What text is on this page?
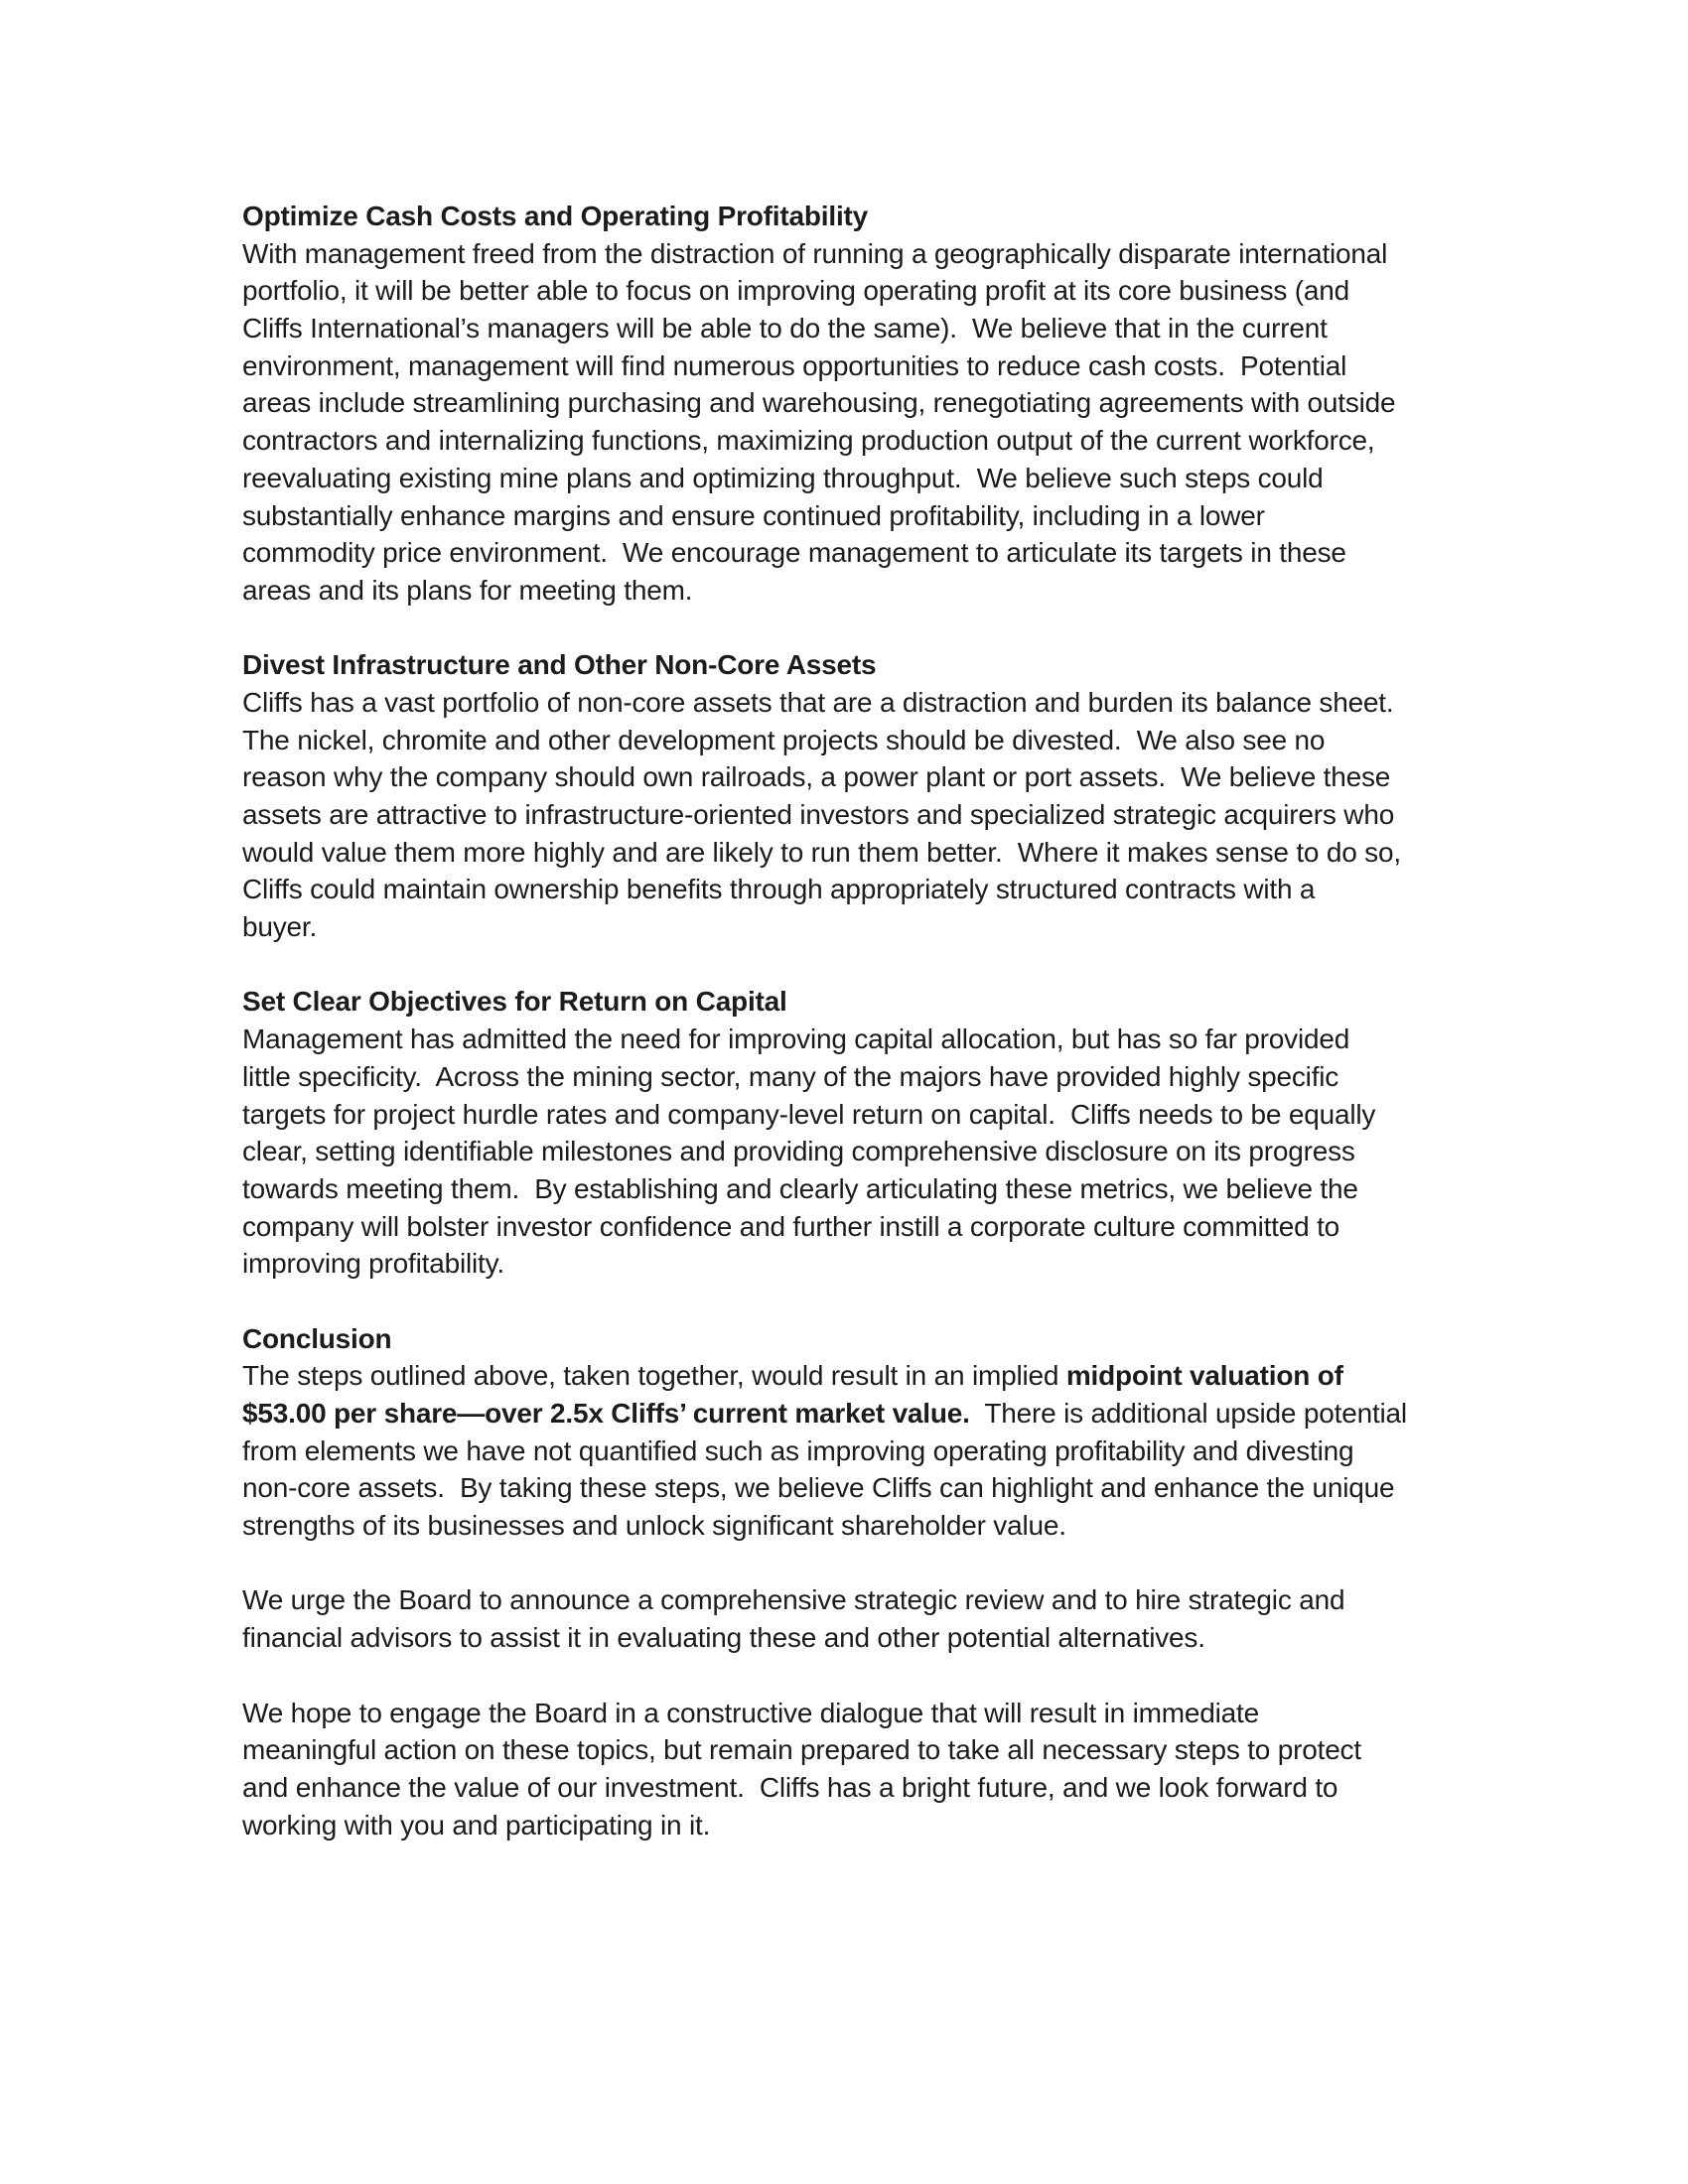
Optimize Cash Costs and Operating Profitability
With management freed from the distraction of running a geographically disparate international
portfolio, it will be better able to focus on improving operating profit at its core business (and
Cliffs International’s managers will be able to do the same).  We believe that in the current
environment, management will find numerous opportunities to reduce cash costs.  Potential
areas include streamlining purchasing and warehousing, renegotiating agreements with outside
contractors and internalizing functions, maximizing production output of the current workforce,
reevaluating existing mine plans and optimizing throughput.  We believe such steps could
substantially enhance margins and ensure continued profitability, including in a lower
commodity price environment.  We encourage management to articulate its targets in these
areas and its plans for meeting them.
Divest Infrastructure and Other Non-Core Assets
Cliffs has a vast portfolio of non-core assets that are a distraction and burden its balance sheet.
The nickel, chromite and other development projects should be divested.  We also see no
reason why the company should own railroads, a power plant or port assets.  We believe these
assets are attractive to infrastructure-oriented investors and specialized strategic acquirers who
would value them more highly and are likely to run them better.  Where it makes sense to do so,
Cliffs could maintain ownership benefits through appropriately structured contracts with a
buyer.
Set Clear Objectives for Return on Capital
Management has admitted the need for improving capital allocation, but has so far provided
little specificity.  Across the mining sector, many of the majors have provided highly specific
targets for project hurdle rates and company-level return on capital.  Cliffs needs to be equally
clear, setting identifiable milestones and providing comprehensive disclosure on its progress
towards meeting them.  By establishing and clearly articulating these metrics, we believe the
company will bolster investor confidence and further instill a corporate culture committed to
improving profitability.
Conclusion
The steps outlined above, taken together, would result in an implied midpoint valuation of
$53.00 per share—over 2.5x Cliffs’ current market value.  There is additional upside potential
from elements we have not quantified such as improving operating profitability and divesting
non-core assets.  By taking these steps, we believe Cliffs can highlight and enhance the unique
strengths of its businesses and unlock significant shareholder value.
We urge the Board to announce a comprehensive strategic review and to hire strategic and
financial advisors to assist it in evaluating these and other potential alternatives.
We hope to engage the Board in a constructive dialogue that will result in immediate
meaningful action on these topics, but remain prepared to take all necessary steps to protect
and enhance the value of our investment.  Cliffs has a bright future, and we look forward to
working with you and participating in it.
